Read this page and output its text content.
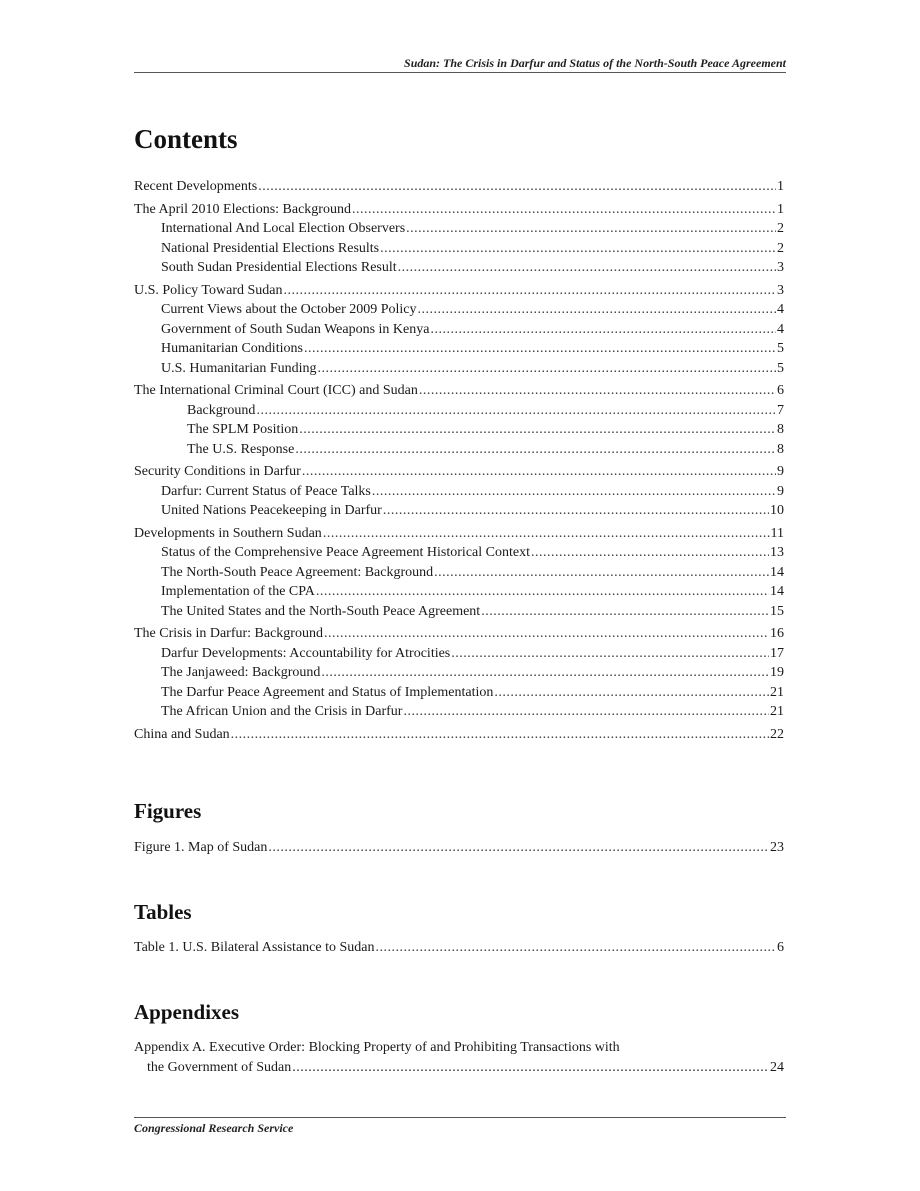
Sudan: The Crisis in Darfur and Status of the North-South Peace Agreement
Contents
Recent Developments .....	1
The April 2010 Elections: Background .....	1
International And Local Election Observers .....	2
National Presidential Elections Results .....	2
South Sudan Presidential Elections Result .....	3
U.S. Policy Toward Sudan .....	3
Current Views about the October 2009 Policy .....	4
Government of South Sudan Weapons in Kenya .....	4
Humanitarian Conditions .....	5
U.S. Humanitarian Funding .....	5
The International Criminal Court (ICC) and Sudan .....	6
Background .....	7
The SPLM Position .....	8
The U.S. Response .....	8
Security Conditions in Darfur .....	9
Darfur: Current Status of Peace Talks .....	9
United Nations Peacekeeping in Darfur .....	10
Developments in Southern Sudan .....	11
Status of the Comprehensive Peace Agreement Historical Context .....	13
The North-South Peace Agreement: Background .....	14
Implementation of the CPA .....	14
The United States and the North-South Peace Agreement .....	15
The Crisis in Darfur: Background .....	16
Darfur Developments: Accountability for Atrocities .....	17
The Janjaweed: Background .....	19
The Darfur Peace Agreement and Status of Implementation .....	21
The African Union and the Crisis in Darfur .....	21
China and Sudan .....	22
Figures
Figure 1. Map of Sudan .....	23
Tables
Table 1. U.S. Bilateral Assistance to Sudan .....	6
Appendixes
Appendix A. Executive Order: Blocking Property of and Prohibiting Transactions with
the Government of Sudan .....	24
Congressional Research Service
